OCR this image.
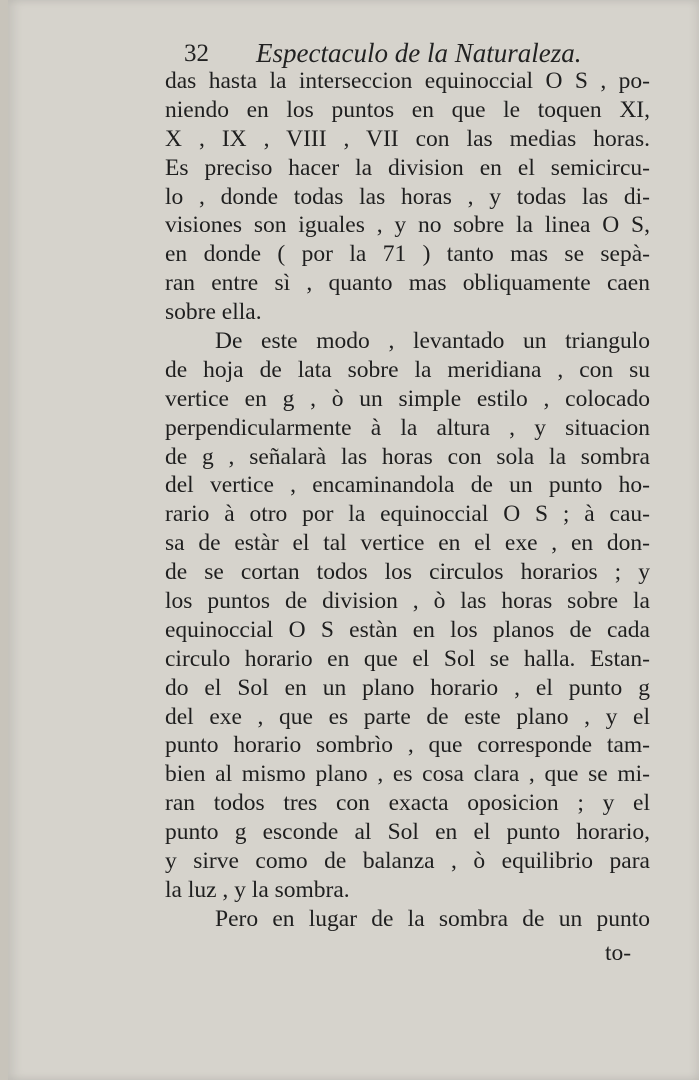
32 Espectaculo de la Naturaleza.
das hasta la interseccion equinoccial O S , po-
niendo en los puntos en que le toquen XI,
X , IX , VIII , VII con las medias horas.
Es preciso hacer la division en el semicircu-
lo , donde todas las horas , y todas las di-
visiones son iguales , y no sobre la linea O S,
en donde ( por la 71 ) tanto mas se sepà-
ran entre sì , quanto mas obliquamente caen
sobre ella.
De este modo , levantado un triangulo
de hoja de lata sobre la meridiana , con su
vertice en g , ò un simple estilo , colocado
perpendicularmente à la altura , y situacion
de g , señalarà las horas con sola la sombra
del vertice , encaminandola de un punto ho-
rario à otro por la equinoccial O S ; à cau-
sa de estàr el tal vertice en el exe , en don-
de se cortan todos los circulos horarios ; y
los puntos de division , ò las horas sobre la
equinoccial O S estàn en los planos de cada
circulo horario en que el Sol se halla. Estan-
do el Sol en un plano horario , el punto g
del exe , que es parte de este plano , y el
punto horario sombrìo , que corresponde tam-
bien al mismo plano , es cosa clara , que se mi-
ran todos tres con exacta oposicion ; y el
punto g esconde al Sol en el punto horario,
y sirve como de balanza , ò equilibrio para
la luz , y la sombra.
Pero en lugar de la sombra de un punto
to-
